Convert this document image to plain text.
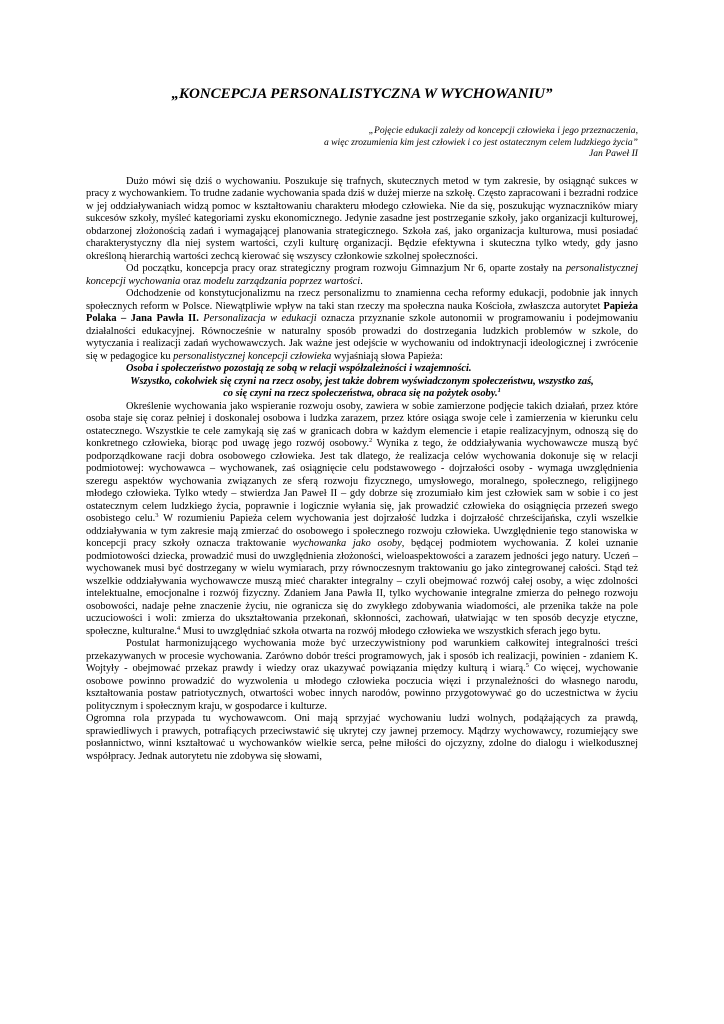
„KONCEPCJA PERSONALISTYCZNA W WYCHOWANIU”
„Pojęcie edukacji zależy od koncepcji człowieka i jego przeznaczenia,
a więc zrozumienia kim jest człowiek i co jest ostatecznym celem ludzkiego życia”
Jan Paweł II

Dużo mówi się dziś o wychowaniu. Poszukuje się trafnych, skutecznych metod w tym zakresie, by osiągnąć sukces w pracy z wychowankiem. To trudne zadanie wychowania spada dziś w dużej mierze na szkołę. Często zapracowani i bezradni rodzice w jej oddziaływaniach widzą pomoc w kształtowaniu charakteru młodego człowieka. Nie da się, poszukując wyznaczników miary sukcesów szkoły, myśleć kategoriami zysku ekonomicznego. Jedynie zasadne jest postrzeganie szkoły, jako organizacji kulturowej, obdarzonej złożonością zadań i wymagającej planowania strategicznego. Szkoła zaś, jako organizacja kulturowa, musi posiadać charakterystyczny dla niej system wartości, czyli kulturę organizacji. Będzie efektywna i skuteczna tylko wtedy, gdy jasno określoną hierarchią wartości zechcą kierować się wszyscy członkowie szkolnej społeczności.

Od początku, koncepcja pracy oraz strategiczny program rozwoju Gimnazjum Nr 6, oparte zostały na personalistycznej koncepcji wychowania oraz modelu zarządzania poprzez wartości.

Odchodzenie od konstytucjonalizmu na rzecz personalizmu to znamienna cecha reformy edukacji, podobnie jak innych społecznych reform w Polsce. Niewątpliwie wpływ na taki stan rzeczy ma społeczna nauka Kościoła, zwłaszcza autorytet Papieża Polaka – Jana Pawła II. Personalizacja w edukacji oznacza przyznanie szkole autonomii w programowaniu i podejmowaniu działalności edukacyjnej. Równocześnie w naturalny sposób prowadzi do dostrzegania ludzkich problemów w szkole, do wytyczania i realizacji zadań wychowawczych. Jak ważne jest odejście w wychowaniu od indoktrynacji ideologicznej i zwrócenie się w pedagogice ku personalistycznej koncepcji człowieka wyjaśniają słowa Papieża:

Osoba i społeczeństwo pozostają ze sobą w relacji współzależności i wzajemności.

Wszystko, cokolwiek się czyni na rzecz osoby, jest także dobrem wyświadczonym społeczeństwu, wszystko zaś,

co się czyni na rzecz społeczeństwa, obraca się na pożytek osoby.$^1$

Określenie wychowania jako wspieranie rozwoju osoby, zawiera w sobie zamierzone podjęcie takich działań, przez które osoba staje się coraz pełniej i doskonalej osobowa i ludzka zarazem, przez które osiąga swoje cele i zamierzenia w kierunku celu ostatecznego. Wszystkie te cele zamykają się zaś w granicach dobra w każdym elemencie i etapie realizacyjnym, odnoszą się do konkretnego człowieka, biorąc pod uwagę jego rozwój osobowy.$^2$ Wynika z tego, że oddziaływania wychowawcze muszą być podporządkowane racji dobra osobowego człowieka. Jest tak dlatego, że realizacja celów wychowania dokonuje się w relacji podmiotowej: wychowawca – wychowanek, zaś osiągnięcie celu podstawowego - dojrzałości osoby - wymaga uwzględnienia szeregu aspektów wychowania związanych ze sferą rozwoju fizycznego, umysłowego, moralnego, społecznego, religijnego młodego człowieka. Tylko wtedy – stwierdza Jan Paweł II – gdy dobrze się zrozumiało kim jest człowiek sam w sobie i co jest ostatecznym celem ludzkiego życia, poprawnie i logicznie wyłania się, jak prowadzić człowieka do osiągnięcia przezeń swego osobistego celu.$^3$ W rozumieniu Papieża celem wychowania jest dojrzałość ludzka i dojrzałość chrześcijańska, czyli wszelkie oddziaływania w tym zakresie mają zmierzać do osobowego i społecznego rozwoju człowieka. Uwzględnienie tego stanowiska w koncepcji pracy szkoły oznacza traktowanie wychowanka jako osoby, będącej podmiotem wychowania. Z kolei uznanie podmiotowości dziecka, prowadzić musi do uwzględnienia złożoności, wieloaspektowości a zarazem jedności jego natury. Uczeń – wychowanek musi być dostrzegany w wielu wymiarach, przy równoczesnym traktowaniu go jako zintegrowanej całości. Stąd też wszelkie oddziaływania wychowawcze muszą mieć charakter integralny – czyli obejmować rozwój całej osoby, a więc zdolności intelektualne, emocjonalne i rozwój fizyczny. Zdaniem Jana Pawła II, tylko wychowanie integralne zmierza do pełnego rozwoju osobowości, nadaje pełne znaczenie życiu, nie ogranicza się do zwykłego zdobywania wiadomości, ale przenika także na pole uczuciowości i woli: zmierza do ukształtowania przekonań, skłonności, zachowań, ułatwiając w ten sposób decyzje etyczne, społeczne, kulturalne.$^4$ Musi to uwzględniać szkoła otwarta na rozwój młodego człowieka we wszystkich sferach jego bytu.

Postulat harmonizującego wychowania może być urzeczywistniony pod warunkiem całkowitej integralności treści przekazywanych w procesie wychowania. Zarówno dobór treści programowych, jak i sposób ich realizacji, powinien - zdaniem K. Wojtyły - obejmować przekaz prawdy i wiedzy oraz ukazywać powiązania między kulturą i wiarą.$^5$ Co więcej, wychowanie osobowe powinno prowadzić do wyzwolenia u młodego człowieka poczucia więzi i przynależności do własnego narodu, kształtowania postaw patriotycznych, otwartości wobec innych narodów, powinno przygotowywać go do uczestnictwa w życiu politycznym i społecznym kraju, w gospodarce i kulturze.

Ogromna rola przypada tu wychowawcom. Oni mają sprzyjać wychowaniu ludzi wolnych, podążających za prawdą, sprawiedliwych i prawych, potrafiących przeciwstawić się ukrytej czy jawnej przemocy. Mądrzy wychowawcy, rozumiejący swe posłannictwo, winni kształtować u wychowanków wielkie serca, pełne miłości do ojczyzny, zdolne do dialogu i wielkodusznej współpracy. Jednak autorytetu nie zdobywa się słowami,
